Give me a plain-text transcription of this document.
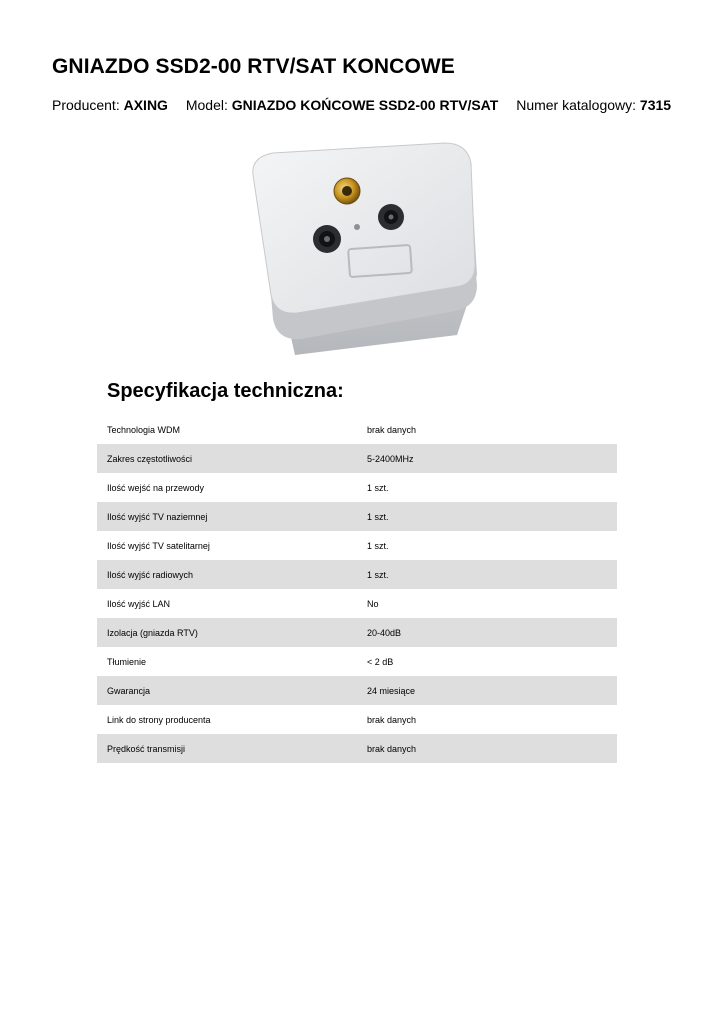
GNIAZDO SSD2-00 RTV/SAT KONCOWE
Producent: AXING Model: GNIAZDO KOŃCOWE SSD2-00 RTV/SAT Numer katalogowy: 7315
Specyfikacja techniczna:
Technologia WDM	brak danych
Zakres częstotliwości	5-2400MHz
Ilość wejść na przewody	1 szt.
Ilość wyjść TV naziemnej	1 szt.
Ilość wyjść TV satelitarnej	1 szt.
Ilość wyjść radiowych	1 szt.
Ilość wyjść LAN	No
Izolacja (gniazda RTV)	20-40dB
Tłumienie	< 2 dB
Gwarancja	24 miesiące
Link do strony producenta	brak danych
Prędkość transmisji	brak danych
